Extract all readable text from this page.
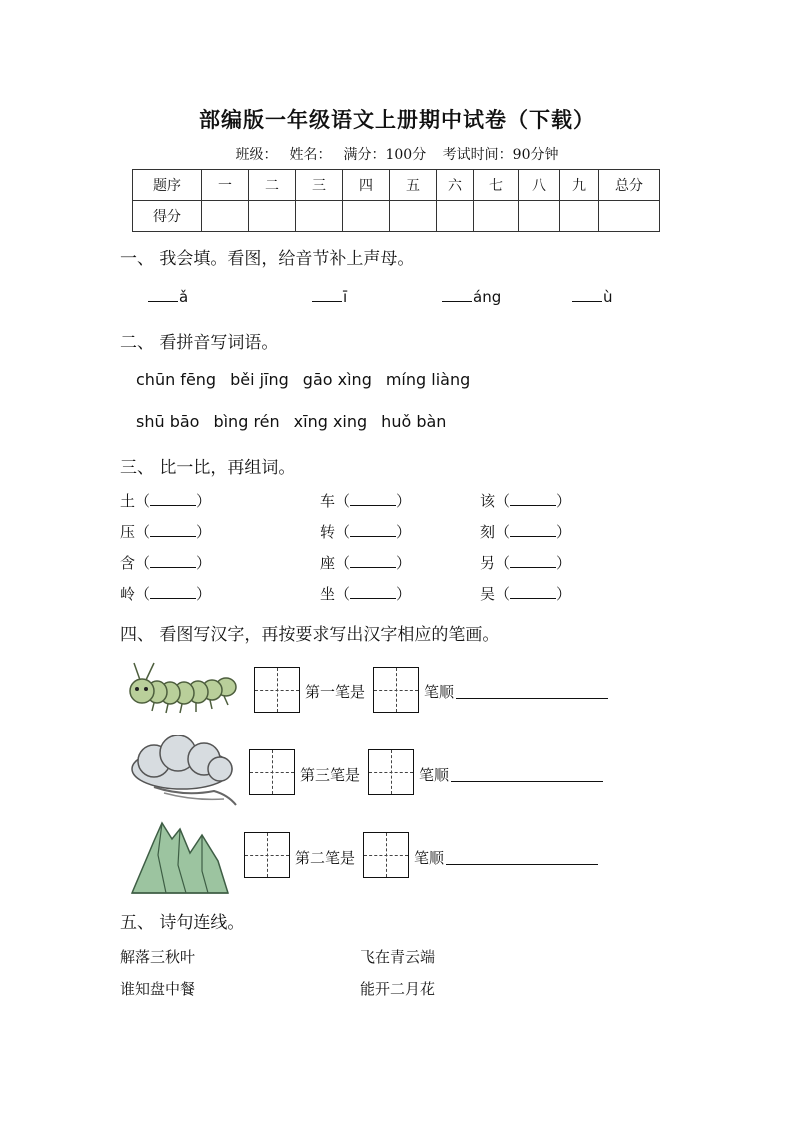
部编版一年级语文上册期中试卷（下载）
班级： 姓名： 满分：100分 考试时间：90分钟
题序	一	二	三	四	五	六	七	八	九	总分
得分										
一、 我会填。看图，给音节补上声母。
ǎ	ī	áng	ù
二、 看拼音写词语。
chūn fēng běi jīng gāo xìng míng liàng
shū bāo bìng rén xīng xing huǒ bàn
三、 比一比，再组词。
土（	）	车（	）	该（	）
压（	）	转（	）	刻（	）
含（	）	座（	）	另（	）
岭（	）	坐（	）	吴（	）
四、 看图写汉字，再按要求写出汉字相应的笔画。
第一笔是	笔顺
第三笔是	笔顺
第二笔是	笔顺
五、 诗句连线。
解落三秋叶
谁知盘中餐
飞在青云端
能开二月花
